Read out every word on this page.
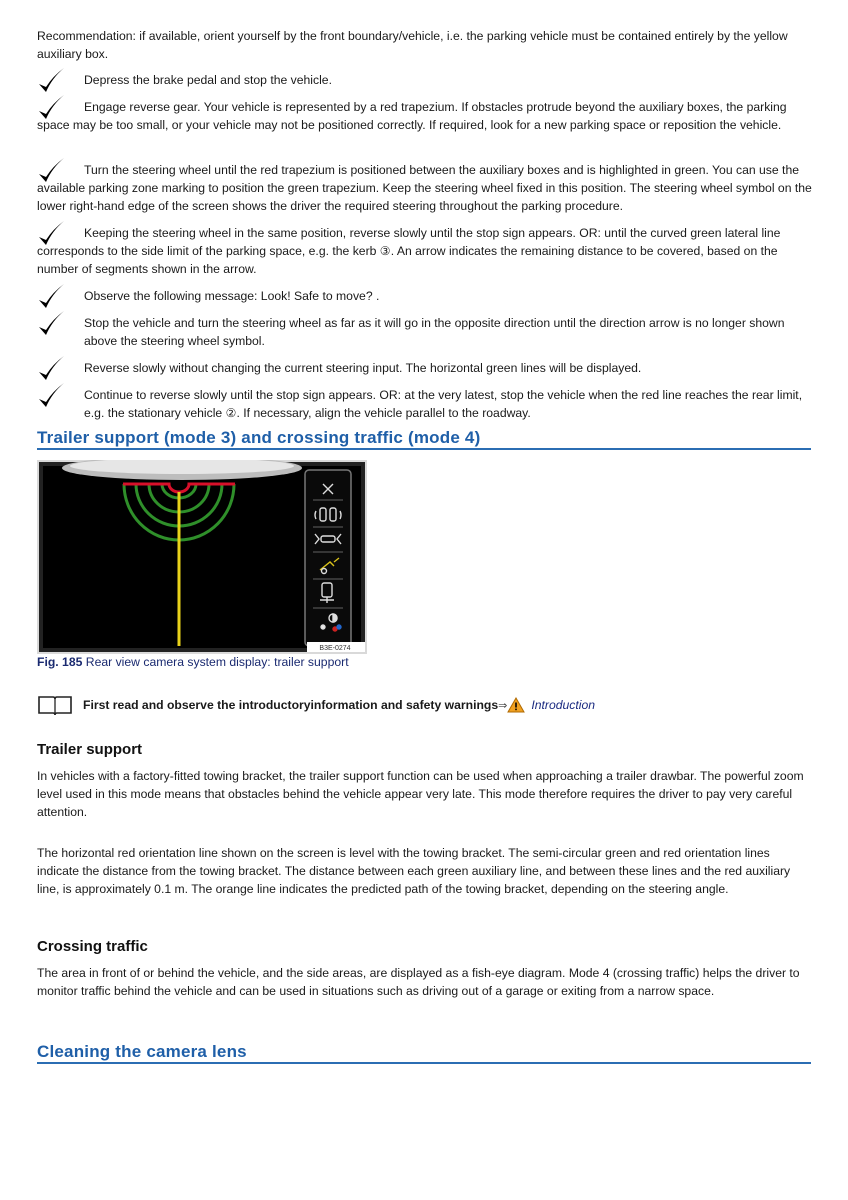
Recommendation: if available, orient yourself by the front boundary/vehicle, i.e. the parking vehicle must be contained entirely by the yellow auxiliary box.

Depress the brake pedal and stop the vehicle.

Engage reverse gear. Your vehicle is represented by a red trapezium. If obstacles protrude beyond the auxiliary boxes, the parking space may be too small, or your vehicle may not be positioned correctly. If required, look for a new parking space or reposition the vehicle.

Turn the steering wheel until the red trapezium is positioned between the auxiliary boxes and is highlighted in green. You can use the available parking zone marking to position the green trapezium. Keep the steering wheel fixed in this position. The steering wheel symbol on the lower right-hand edge of the screen shows the driver the required steering throughout the parking procedure.

Keeping the steering wheel in the same position, reverse slowly until the stop sign appears. OR: until the curved green lateral line corresponds to the side limit of the parking space, e.g. the kerb ③. An arrow indicates the remaining distance to be covered, based on the number of segments shown in the arrow.

Observe the following message: Look! Safe to move? .

Stop the vehicle and turn the steering wheel as far as it will go in the opposite direction until the direction arrow is no longer shown above the steering wheel symbol.

Reverse slowly without changing the current steering input. The horizontal green lines will be displayed.

Continue to reverse slowly until the stop sign appears. OR: at the very latest, stop the vehicle when the red line reaches the rear limit, e.g. the stationary vehicle ②. If necessary, align the vehicle parallel to the roadway.

Trailer support (mode 3) and crossing traffic (mode 4)
B3E-0274
Fig. 185 Rear view camera system display: trailer support
First read and observe the introductoryinformation and safety warnings ⇒ Introduction
Trailer support

In vehicles with a factory-fitted towing bracket, the trailer support function can be used when approaching a trailer drawbar. The powerful zoom level used in this mode means that obstacles behind the vehicle appear very late. This mode therefore requires the driver to pay very careful attention.

The horizontal red orientation line shown on the screen is level with the towing bracket. The semi-circular green and red orientation lines indicate the distance from the towing bracket. The distance between each green auxiliary line, and between these lines and the red auxiliary line, is approximately 0.1 m. The orange line indicates the predicted path of the towing bracket, depending on the steering angle.

Crossing traffic

The area in front of or behind the vehicle, and the side areas, are displayed as a fish-eye diagram. Mode 4 (crossing traffic) helps the driver to monitor traffic behind the vehicle and can be used in situations such as driving out of a garage or exiting from a narrow space.

Cleaning the camera lens
